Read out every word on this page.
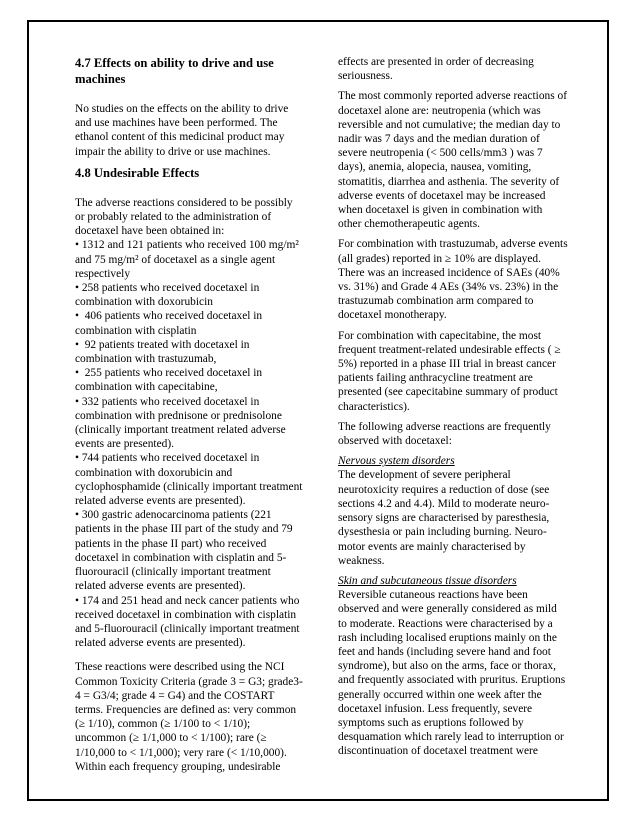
4.7 Effects on ability to drive and use machines

No studies on the effects on the ability to drive and use machines have been performed. The ethanol content of this medicinal product may impair the ability to drive or use machines.

4.8 Undesirable Effects

The adverse reactions considered to be possibly or probably related to the administration of docetaxel have been obtained in:

• 1312 and 121 patients who received 100 mg/m² and 75 mg/m² of docetaxel as a single agent respectively

• 258 patients who received docetaxel in combination with doxorubicin

•  406 patients who received docetaxel in combination with cisplatin

•  92 patients treated with docetaxel in combination with trastuzumab,

•  255 patients who received docetaxel in combination with capecitabine,

• 332 patients who received docetaxel in combination with prednisone or prednisolone (clinically important treatment related adverse events are presented).

• 744 patients who received docetaxel in combination with doxorubicin and cyclophosphamide (clinically important treatment related adverse events are presented).

• 300 gastric adenocarcinoma patients (221 patients in the phase III part of the study and 79 patients in the phase II part) who received docetaxel in combination with cisplatin and 5-fluorouracil (clinically important treatment related adverse events are presented).

• 174 and 251 head and neck cancer patients who received docetaxel in combination with cisplatin and 5-fluorouracil (clinically important treatment related adverse events are presented).

These reactions were described using the NCI Common Toxicity Criteria (grade 3 = G3; grade3-4 = G3/4; grade 4 = G4) and the COSTART terms. Frequencies are defined as: very common (≥ 1/10), common (≥ 1/100 to < 1/10); uncommon (≥ 1/1,000 to < 1/100); rare (≥ 1/10,000 to < 1/1,000); very rare (< 1/10,000). Within each frequency grouping, undesirable

effects are presented in order of decreasing seriousness.

The most commonly reported adverse reactions of docetaxel alone are: neutropenia (which was reversible and not cumulative; the median day to nadir was 7 days and the median duration of severe neutropenia (< 500 cells/mm3 ) was 7 days), anemia, alopecia, nausea, vomiting, stomatitis, diarrhea and asthenia. The severity of adverse events of docetaxel may be increased when docetaxel is given in combination with other chemotherapeutic agents.

For combination with trastuzumab, adverse events (all grades) reported in ≥ 10% are displayed. There was an increased incidence of SAEs (40% vs. 31%) and Grade 4 AEs (34% vs. 23%) in the trastuzumab combination arm compared to docetaxel monotherapy.

For combination with capecitabine, the most frequent treatment-related undesirable effects ( ≥ 5%) reported in a phase III trial in breast cancer patients failing anthracycline treatment are presented (see capecitabine summary of product characteristics).

The following adverse reactions are frequently observed with docetaxel:

Nervous system disorders

The development of severe peripheral neurotoxicity requires a reduction of dose (see sections 4.2 and 4.4). Mild to moderate neuro-sensory signs are characterised by paresthesia, dysesthesia or pain including burning. Neuro-motor events are mainly characterised by weakness.

Skin and subcutaneous tissue disorders

Reversible cutaneous reactions have been observed and were generally considered as mild to moderate. Reactions were characterised by a rash including localised eruptions mainly on the feet and hands (including severe hand and foot syndrome), but also on the arms, face or thorax, and frequently associated with pruritus. Eruptions generally occurred within one week after the docetaxel infusion. Less frequently, severe symptoms such as eruptions followed by desquamation which rarely lead to interruption or discontinuation of docetaxel treatment were
